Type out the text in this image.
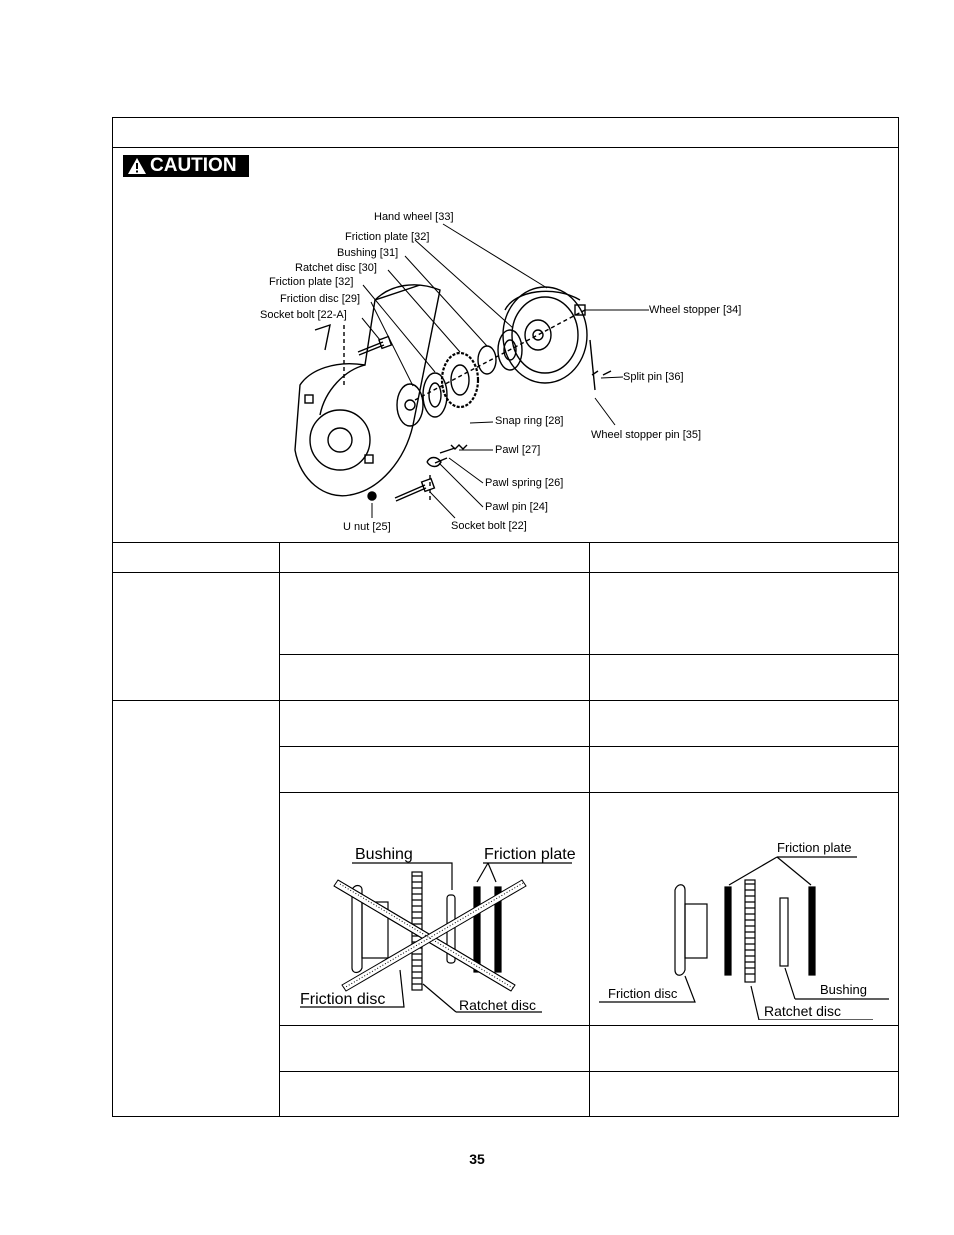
CAUTION
Hand wheel [33]
Friction plate [32]
Bushing [31]
Ratchet disc [30]
Friction plate [32]
Friction disc [29]
Socket bolt [22-A]	Wheel stopper [34]
Split pin [36]
Wheel stopper pin [35]
Snap ring [28]
Pawl [27]
Pawl spring [26]
Pawl pin [24]
U nut [25]	Socket bolt [22]
Bushing	Friction plate
Friction disc	Ratchet disc
Friction plate
Friction disc	Bushing
Ratchet disc
35
